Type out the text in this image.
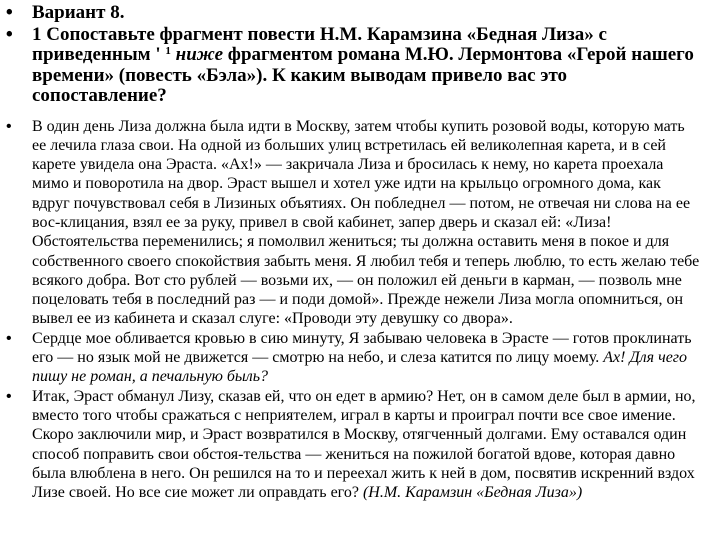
• Вариант 8.
• 1 Сопоставьте фрагмент повести Н.М. Карамзина «Бедная Лиза» с приведенным ' $^1$ ниже фрагментом романа М.Ю. Лермонтова «Герой нашего времени» (повесть «Бэла»). К каким выводам привело вас это сопоставление?
• В один день Лиза должна была идти в Москву, затем чтобы купить розовой воды, которую мать ее лечила глаза свои. На одной из больших улиц встретилась ей великолепная карета, и в сей карете увидела она Эраста. «Ах!» — закричала Лиза и бросилась к нему, но карета проехала мимо и поворотила на двор. Эраст вышел и хотел уже идти на крыльцо огромного дома, как вдруг почувствовал себя в Лизиных объятиях. Он побледнел — потом, не отвечая ни слова на ее вос-клицания, взял ее за руку, привел в свой кабинет, запер дверь и сказал ей: «Лиза! Обстоятельства переменились; я помолвил жениться; ты должна оставить меня в покое и для собственного своего спокойствия забыть меня. Я любил тебя и теперь люблю, то есть желаю тебе всякого добра. Вот сто рублей — возьми их, — он положил ей деньги в карман, — позволь мне поцеловать тебя в последний раз — и поди домой». Прежде нежели Лиза могла опомниться, он вывел ее из кабинета и сказал слуге: «Проводи эту девушку со двора».
• Сердце мое обливается кровью в сию минуту, Я забываю человека в Эрасте — готов проклинать его — но язык мой не движется — смотрю на небо, и слеза катится по лицу моему. Ах! Для чего пишу не роман, а печальную быль?
• Итак, Эраст обманул Лизу, сказав ей, что он едет в армию? Нет, он в самом деле был в армии, но, вместо того чтобы сражаться с неприятелем, играл в карты и проиграл почти все свое имение. Скоро заключили мир, и Эраст возвратился в Москву, отягченный долгами. Ему оставался один способ поправить свои обстоя-тельства — жениться на пожилой богатой вдове, которая давно была влюблена в него. Он решился на то и переехал жить к ней в дом, посвятив искренний вздох Лизе своей. Но все сие может ли оправдать его? (Н.М. Карамзин «Бедная Лиза»)
